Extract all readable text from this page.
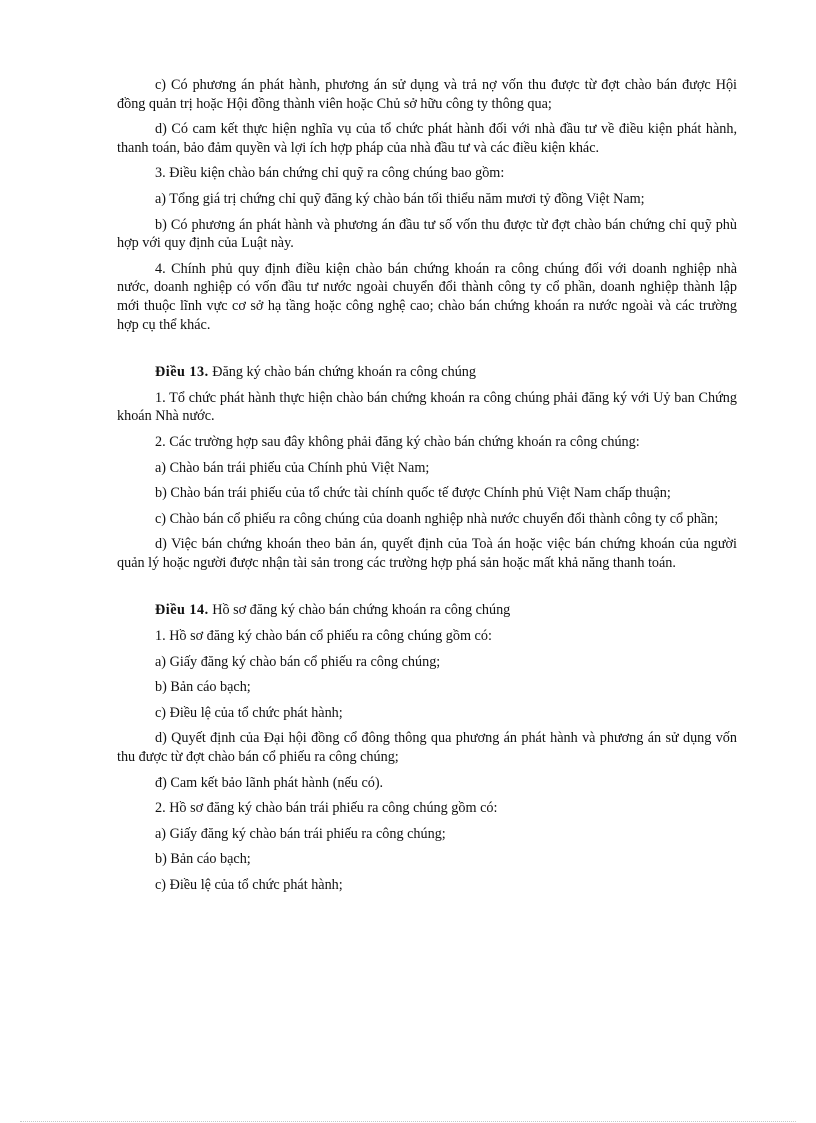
c) Có phương án phát hành, phương án sử dụng và trả nợ vốn thu được từ đợt chào bán được Hội đồng quản trị hoặc Hội đồng thành viên hoặc Chủ sở hữu công ty thông qua;

d) Có cam kết thực hiện nghĩa vụ của tổ chức phát hành đối với nhà đầu tư về điều kiện phát hành, thanh toán, bảo đảm quyền và lợi ích hợp pháp của nhà đầu tư và các điều kiện khác.

3. Điều kiện chào bán chứng chỉ quỹ ra công chúng bao gồm:

a) Tổng giá trị chứng chỉ quỹ đăng ký chào bán tối thiểu năm mươi tỷ đồng Việt Nam;

b) Có phương án phát hành và phương án đầu tư số vốn thu được từ đợt chào bán chứng chỉ quỹ phù hợp với quy định của Luật này.

4. Chính phủ quy định điều kiện chào bán chứng khoán ra công chúng đối với doanh nghiệp nhà nước, doanh nghiệp có vốn đầu tư nước ngoài chuyển đổi thành công ty cổ phần, doanh nghiệp thành lập mới thuộc lĩnh vực cơ sở hạ tầng hoặc công nghệ cao; chào bán chứng khoán ra nước ngoài và các trường hợp cụ thể khác.

Điều 13. Đăng ký chào bán chứng khoán ra công chúng

1. Tổ chức phát hành thực hiện chào bán chứng khoán ra công chúng phải đăng ký với Uỷ ban Chứng khoán Nhà nước.

2. Các trường hợp sau đây không phải đăng ký chào bán chứng khoán ra công chúng:

a) Chào bán trái phiếu của Chính phủ Việt Nam;

b) Chào bán trái phiếu của tổ chức tài chính quốc tế được Chính phủ Việt Nam chấp thuận;

c) Chào bán cổ phiếu ra công chúng của doanh nghiệp nhà nước chuyển đổi thành công ty cổ phần;

d) Việc bán chứng khoán theo bản án, quyết định của Toà án hoặc việc bán chứng khoán của người quản lý hoặc người được nhận tài sản trong các trường hợp phá sản hoặc mất khả năng thanh toán.

Điều 14. Hồ sơ đăng ký chào bán chứng khoán ra công chúng

1. Hồ sơ đăng ký chào bán cổ phiếu ra công chúng gồm có:

a) Giấy đăng ký chào bán cổ phiếu ra công chúng;

b) Bản cáo bạch;

c) Điều lệ của tổ chức phát hành;

d) Quyết định của Đại hội đồng cổ đông thông qua phương án phát hành và phương án sử dụng vốn thu được từ đợt chào bán cổ phiếu ra công chúng;

đ) Cam kết bảo lãnh phát hành (nếu có).

2. Hồ sơ đăng ký chào bán trái phiếu ra công chúng gồm có:

a) Giấy đăng ký chào bán trái phiếu ra công chúng;

b) Bản cáo bạch;

c) Điều lệ của tổ chức phát hành;
